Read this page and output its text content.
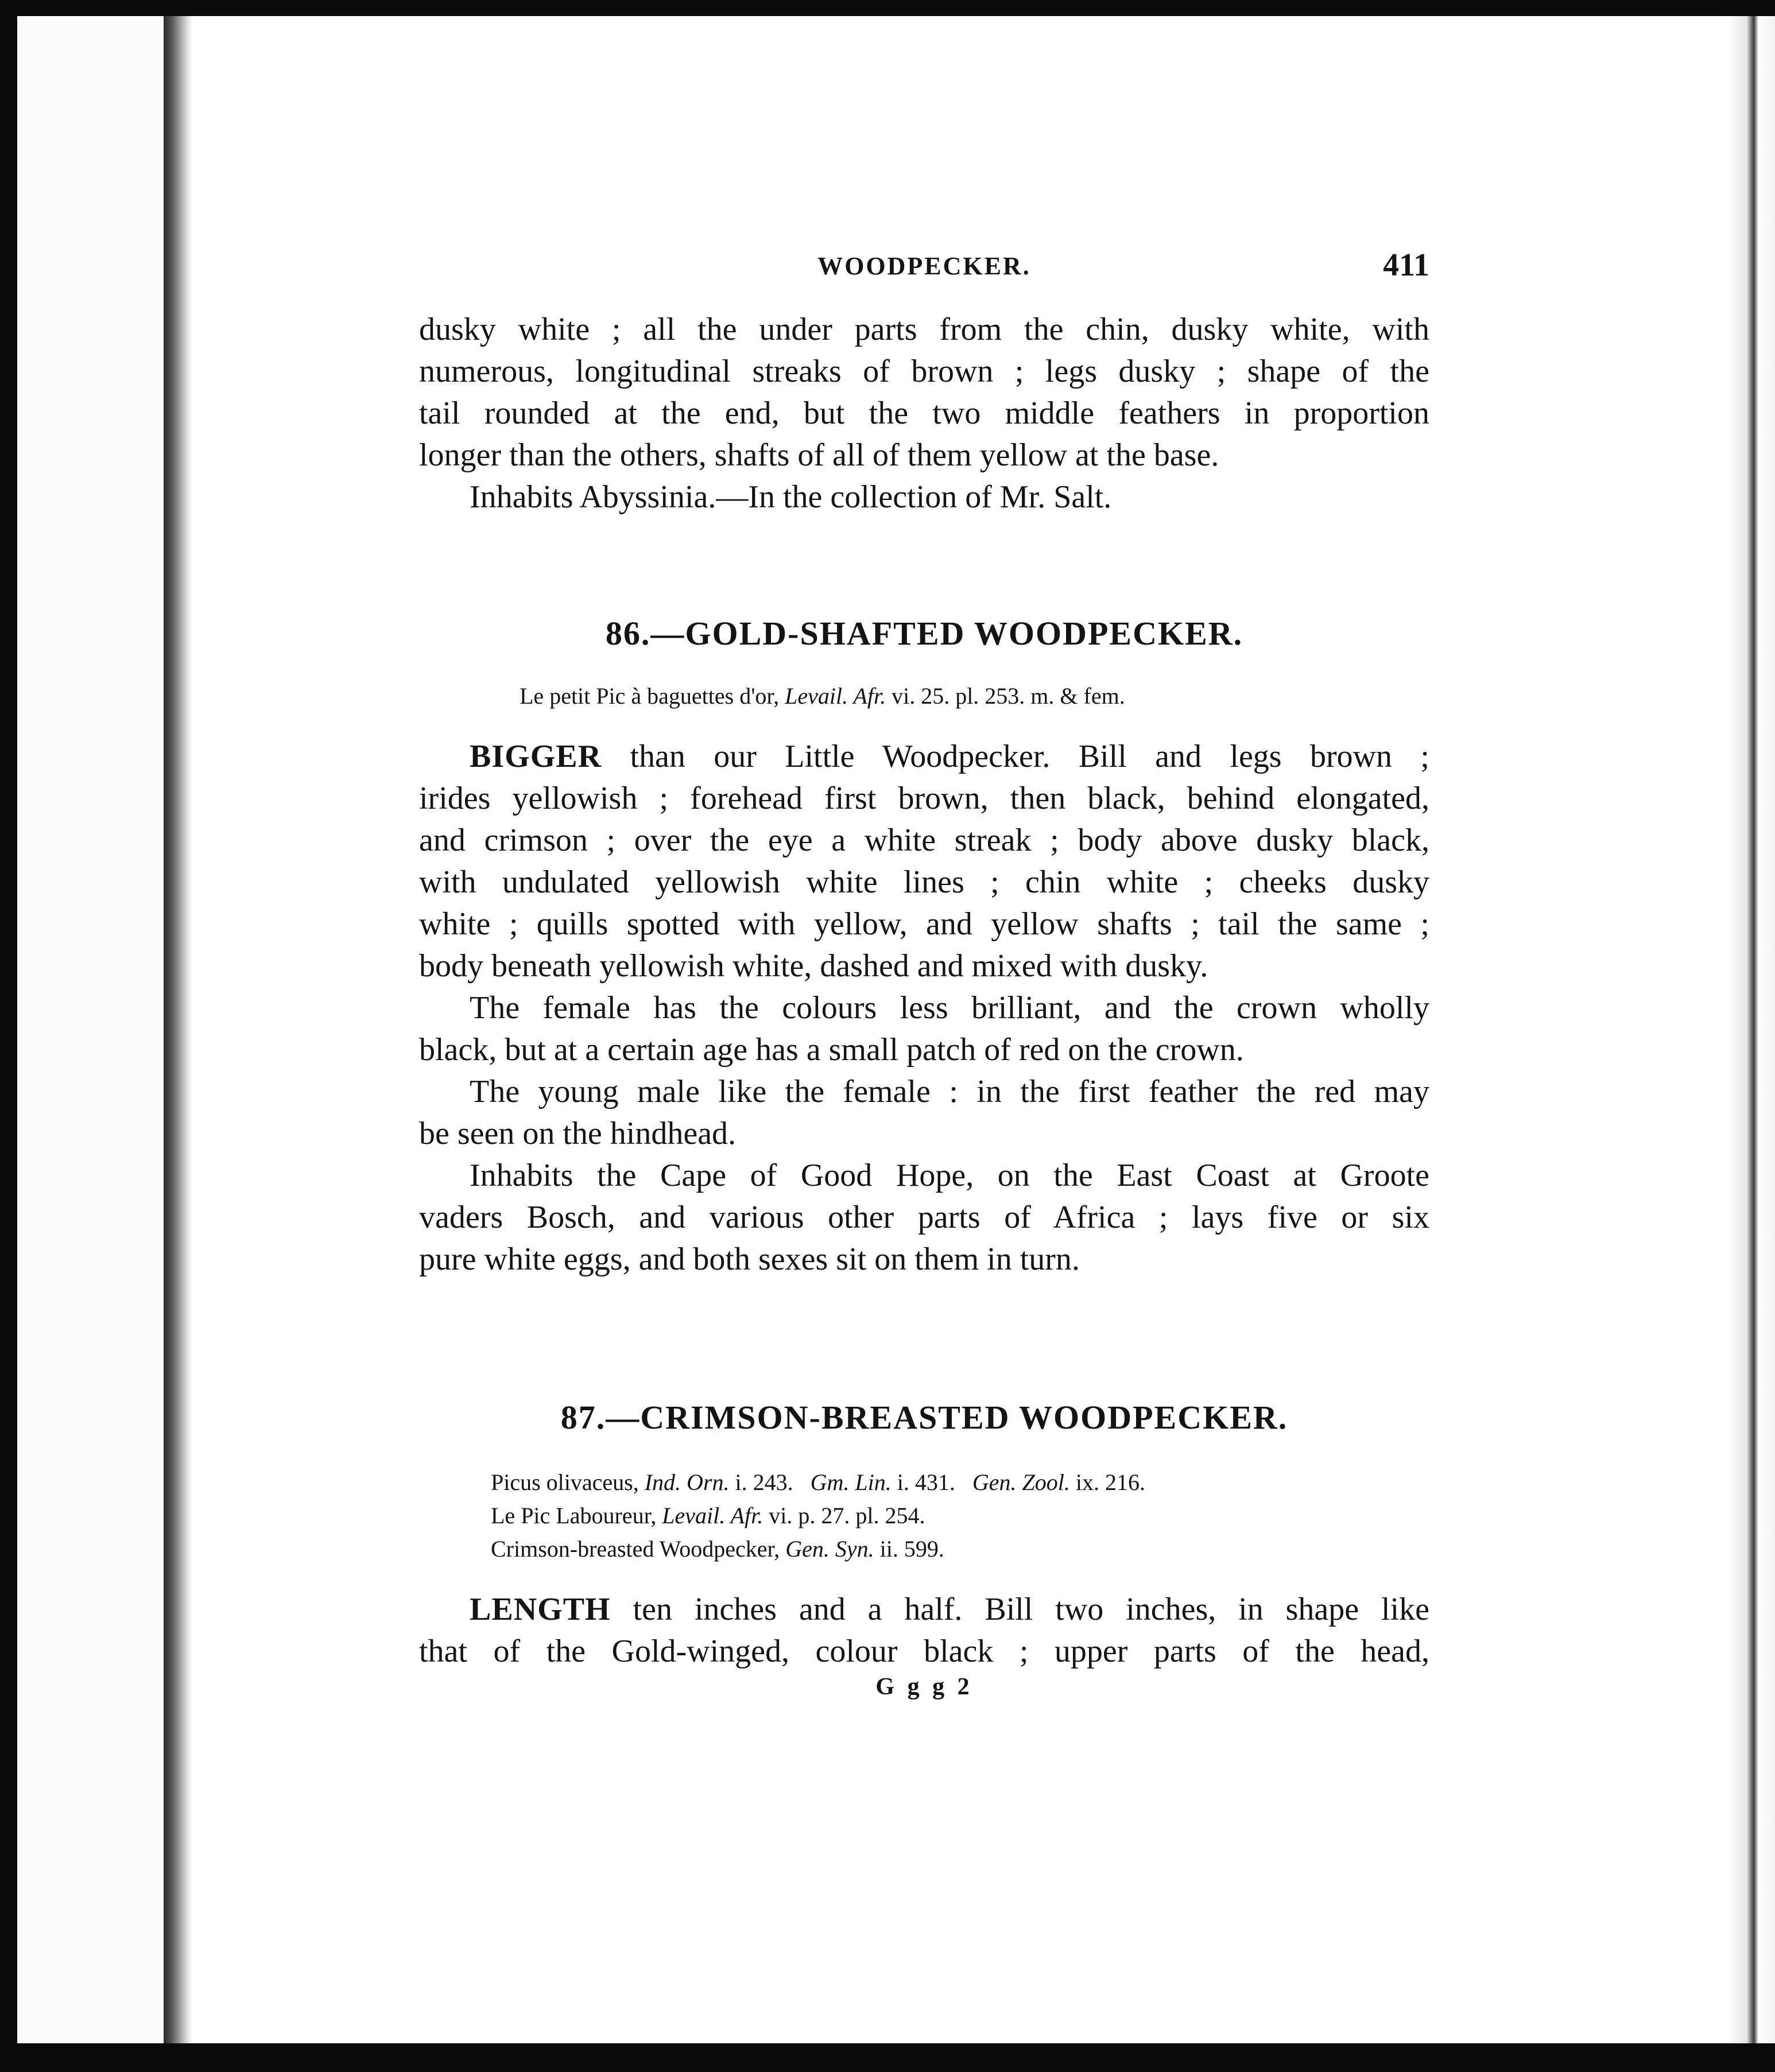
WOODPECKER.	411
dusky white ; all the under parts from the chin, dusky white, with
numerous, longitudinal streaks of brown ; legs dusky ; shape of the
tail rounded at the end, but the two middle feathers in proportion
longer than the others, shafts of all of them yellow at the base.
Inhabits Abyssinia.—In the collection of Mr. Salt.
86.—GOLD-SHAFTED WOODPECKER.
Le petit Pic à baguettes d'or, Levail. Afr. vi. 25. pl. 253. m. & fem.
BIGGER than our Little Woodpecker. Bill and legs brown ;
irides yellowish ; forehead first brown, then black, behind elongated,
and crimson ; over the eye a white streak ; body above dusky black,
with undulated yellowish white lines ; chin white ; cheeks dusky
white ; quills spotted with yellow, and yellow shafts ; tail the same ;
body beneath yellowish white, dashed and mixed with dusky.
The female has the colours less brilliant, and the crown wholly
black, but at a certain age has a small patch of red on the crown.
The young male like the female : in the first feather the red may
be seen on the hindhead.
Inhabits the Cape of Good Hope, on the East Coast at Groote
vaders Bosch, and various other parts of Africa ; lays five or six
pure white eggs, and both sexes sit on them in turn.
87.—CRIMSON-BREASTED WOODPECKER.
Picus olivaceus, Ind. Orn. i. 243. Gm. Lin. i. 431. Gen. Zool. ix. 216.
Le Pic Laboureur, Levail. Afr. vi. p. 27. pl. 254.
Crimson-breasted Woodpecker, Gen. Syn. ii. 599.
LENGTH ten inches and a half. Bill two inches, in shape like
that of the Gold-winged, colour black ; upper parts of the head,
G g g 2
